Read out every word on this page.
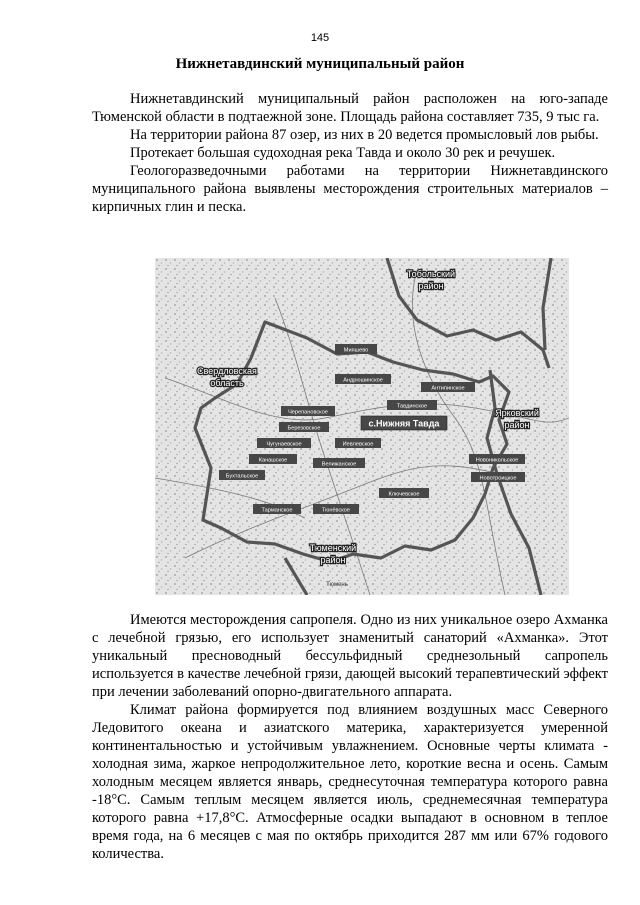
145
Нижнетавдинский муниципальный район

Нижнетавдинский муниципальный район расположен на юго-западе Тюменской области в подтаежной зоне. Площадь района составляет 735, 9 тыс га.

На территории района 87 озер, из них в 20 ведется промысловый лов рыбы.

Протекает большая судоходная река Тавда и около 30 рек и речушек.

Геологоразведочными работами на территории Нижнетавдинского муниципального района выявлены месторождения строительных материалов – кирпичных глин и песка.

Тобольский
район
Свердловская
область
Ярковский
район
Тюменский
район
Мияшево
Андрюшинское
Антипинское
Черепановское
Тавдинское
Березовское
Чугунаевское	Иевлевское
Канашское
Велижанское
Новоникольское
Бухтальское	Новотроицкое
Ключевское
Тарманское	Тюнёвское
с.Нижняя Тавда
Тюмень

Имеются месторождения сапропеля. Одно из них уникальное озеро Ахманка с лечебной грязью, его использует знаменитый санаторий «Ахманка». Этот уникальный пресноводный бессульфидный среднезольный сапропель используется в качестве лечебной грязи, дающей высокий терапевтический эффект при лечении заболеваний опорно-двигательного аппарата.

Климат района формируется под влиянием воздушных масс Северного Ледовитого океана и азиатского материка, характеризуется умеренной континентальностью и устойчивым увлажнением. Основные черты климата - холодная зима, жаркое непродолжительное лето, короткие весна и осень. Самым холодным месяцем является январь, среднесуточная температура которого равна -18°С. Самым теплым месяцем является июль, среднемесячная температура которого равна +17,8°С. Атмосферные осадки выпадают в основном в теплое время года, на 6 месяцев с мая по октябрь приходится 287 мм или 67% годового количества.
